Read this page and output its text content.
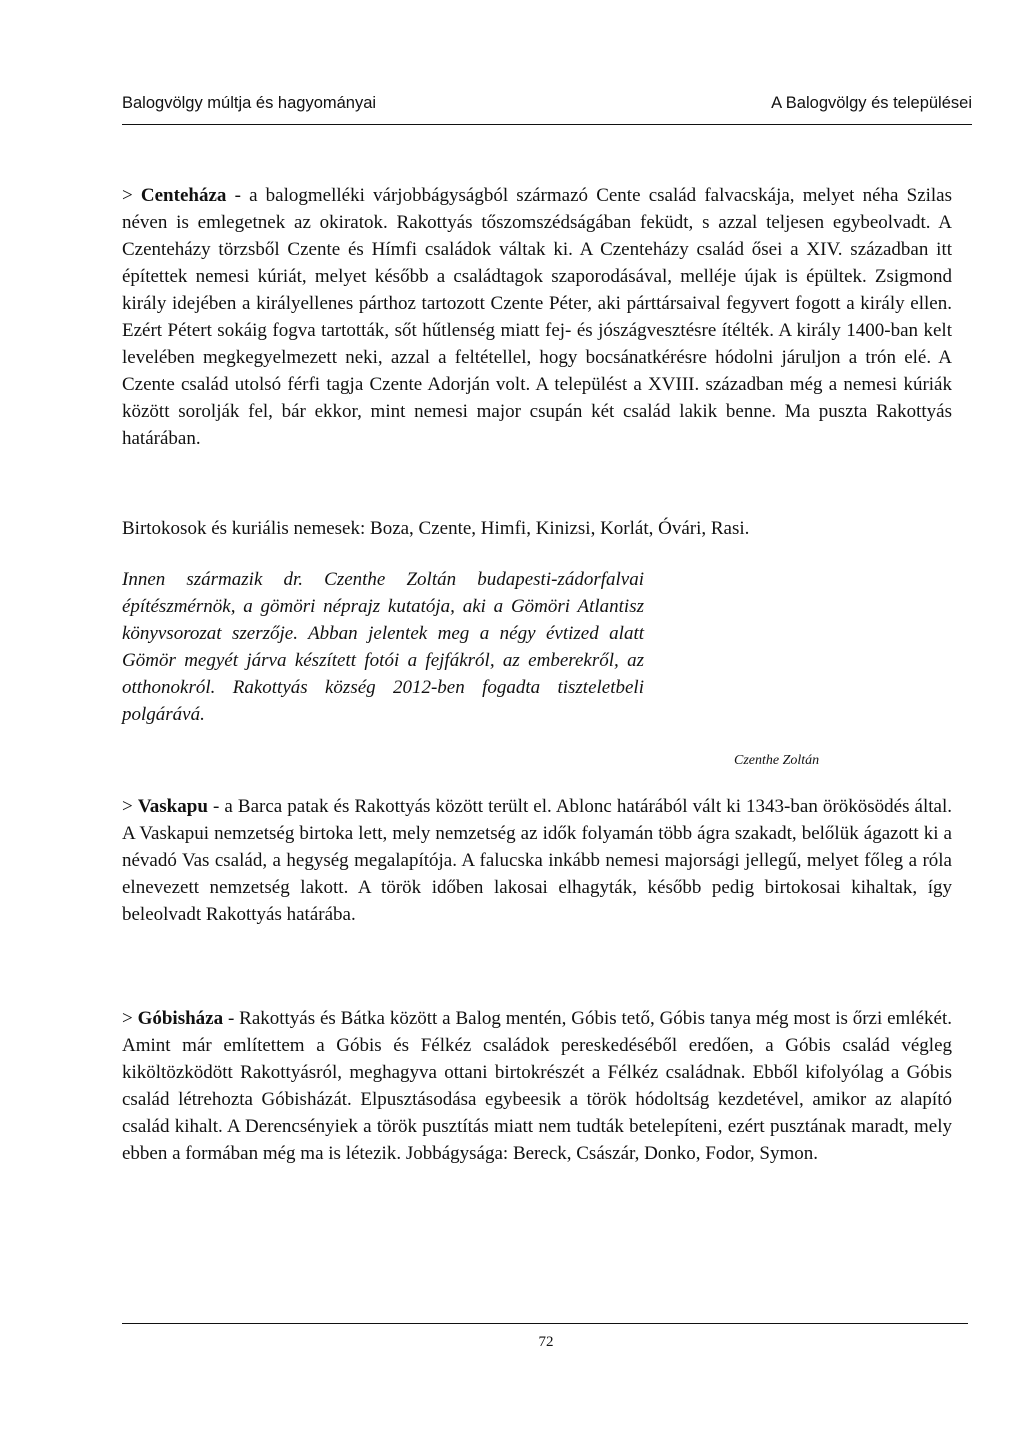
Balogvölgy múltja és hagyományai	A Balogvölgy és települései

> Centeháza - a balogmelléki várjobbágyságból származó Cente család falvacskája, melyet néha Szilas néven is emlegetnek az okiratok. Rakottyás tőszomszédságában feküdt, s azzal teljesen egybeolvadt. A Czenteházy törzsből Czente és Hímfi családok váltak ki. A Czenteházy család ősei a XIV. században itt építettek nemesi kúriát, melyet később a családtagok szaporodásával, melléje újak is épültek. Zsigmond király idejében a királyellenes párthoz tartozott Czente Péter, aki párttársaival fegyvert fogott a király ellen. Ezért Pétert sokáig fogva tartották, sőt hűtlenség miatt fej- és jószágvesztésre ítélték. A király 1400-ban kelt levelében megkegyelmezett neki, azzal a feltétellel, hogy bocsánatkérésre hódolni járuljon a trón elé. A Czente család utolsó férfi tagja Czente Adorján volt. A települést a XVIII. században még a nemesi kúriák között sorolják fel, bár ekkor, mint nemesi major csupán két család lakik benne. Ma puszta Rakottyás határában.

Birtokosok és kuriális nemesek: Boza, Czente, Himfi, Kinizsi, Korlát, Óvári, Rasi.

Innen származik dr. Czenthe Zoltán budapesti-zádorfalvai építészmérnök, a gömöri néprajz kutatója, aki a Gömöri Atlantisz könyvsorozat szerzője. Abban jelentek meg a négy évtized alatt Gömör megyét járva készített fotói a fejfákról, az emberekről, az otthonokról. Rakottyás község 2012-ben fogadta tiszteletbeli polgárává.

Czenthe Zoltán

> Vaskapu - a Barca patak és Rakottyás között terült el. Ablonc határából vált ki 1343-ban örökösödés által. A Vaskapui nemzetség birtoka lett, mely nemzetség az idők folyamán több ágra szakadt, belőlük ágazott ki a névadó Vas család, a hegység megalapítója. A falucska inkább nemesi majorsági jellegű, melyet főleg a róla elnevezett nemzetség lakott. A török időben lakosai elhagyták, később pedig birtokosai kihaltak, így beleolvadt Rakottyás határába.

> Góbisháza - Rakottyás és Bátka között a Balog mentén, Góbis tető, Góbis tanya még most is őrzi emlékét. Amint már említettem a Góbis és Félkéz családok pereskedéséből eredően, a Góbis család végleg kiköltözködött Rakottyásról, meghagyva ottani birtokrészét a Félkéz családnak. Ebből kifolyólag a Góbis család létrehozta Góbisházát. Elpusztásodása egybeesik a török hódoltság kezdetével, amikor az alapító család kihalt. A Derencsényiek a török pusztítás miatt nem tudták betelepíteni, ezért pusztának maradt, mely ebben a formában még ma is létezik. Jobbágysága: Bereck, Császár, Donko, Fodor, Symon.

72
